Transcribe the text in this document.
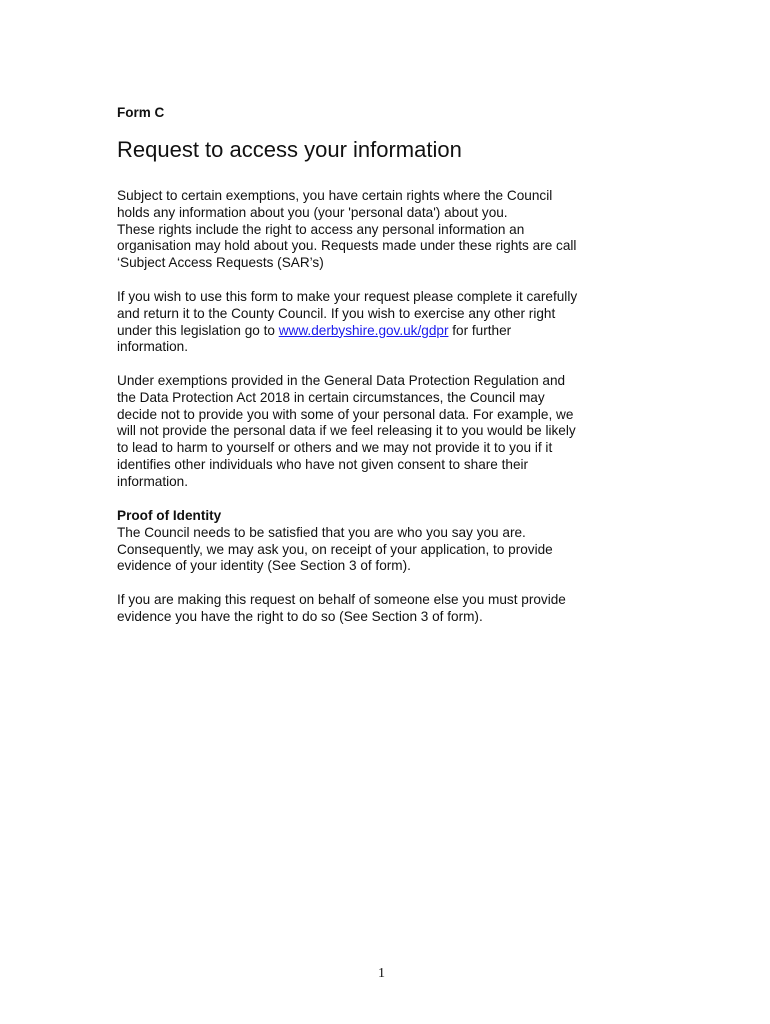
Form C
Request to access your information

Subject to certain exemptions, you have certain rights where the Council
holds any information about you (your 'personal data') about you.
These rights include the right to access any personal information an
organisation may hold about you. Requests made under these rights are call
‘Subject Access Requests (SAR’s)

If you wish to use this form to make your request please complete it carefully
and return it to the County Council. If you wish to exercise any other right
under this legislation go to www.derbyshire.gov.uk/gdpr for further
information.

Under exemptions provided in the General Data Protection Regulation and
the Data Protection Act 2018 in certain circumstances, the Council may
decide not to provide you with some of your personal data. For example, we
will not provide the personal data if we feel releasing it to you would be likely
to lead to harm to yourself or others and we may not provide it to you if it
identifies other individuals who have not given consent to share their
information.

Proof of Identity
The Council needs to be satisfied that you are who you say you are.
Consequently, we may ask you, on receipt of your application, to provide
evidence of your identity (See Section 3 of form).

If you are making this request on behalf of someone else you must provide
evidence you have the right to do so (See Section 3 of form).

1
